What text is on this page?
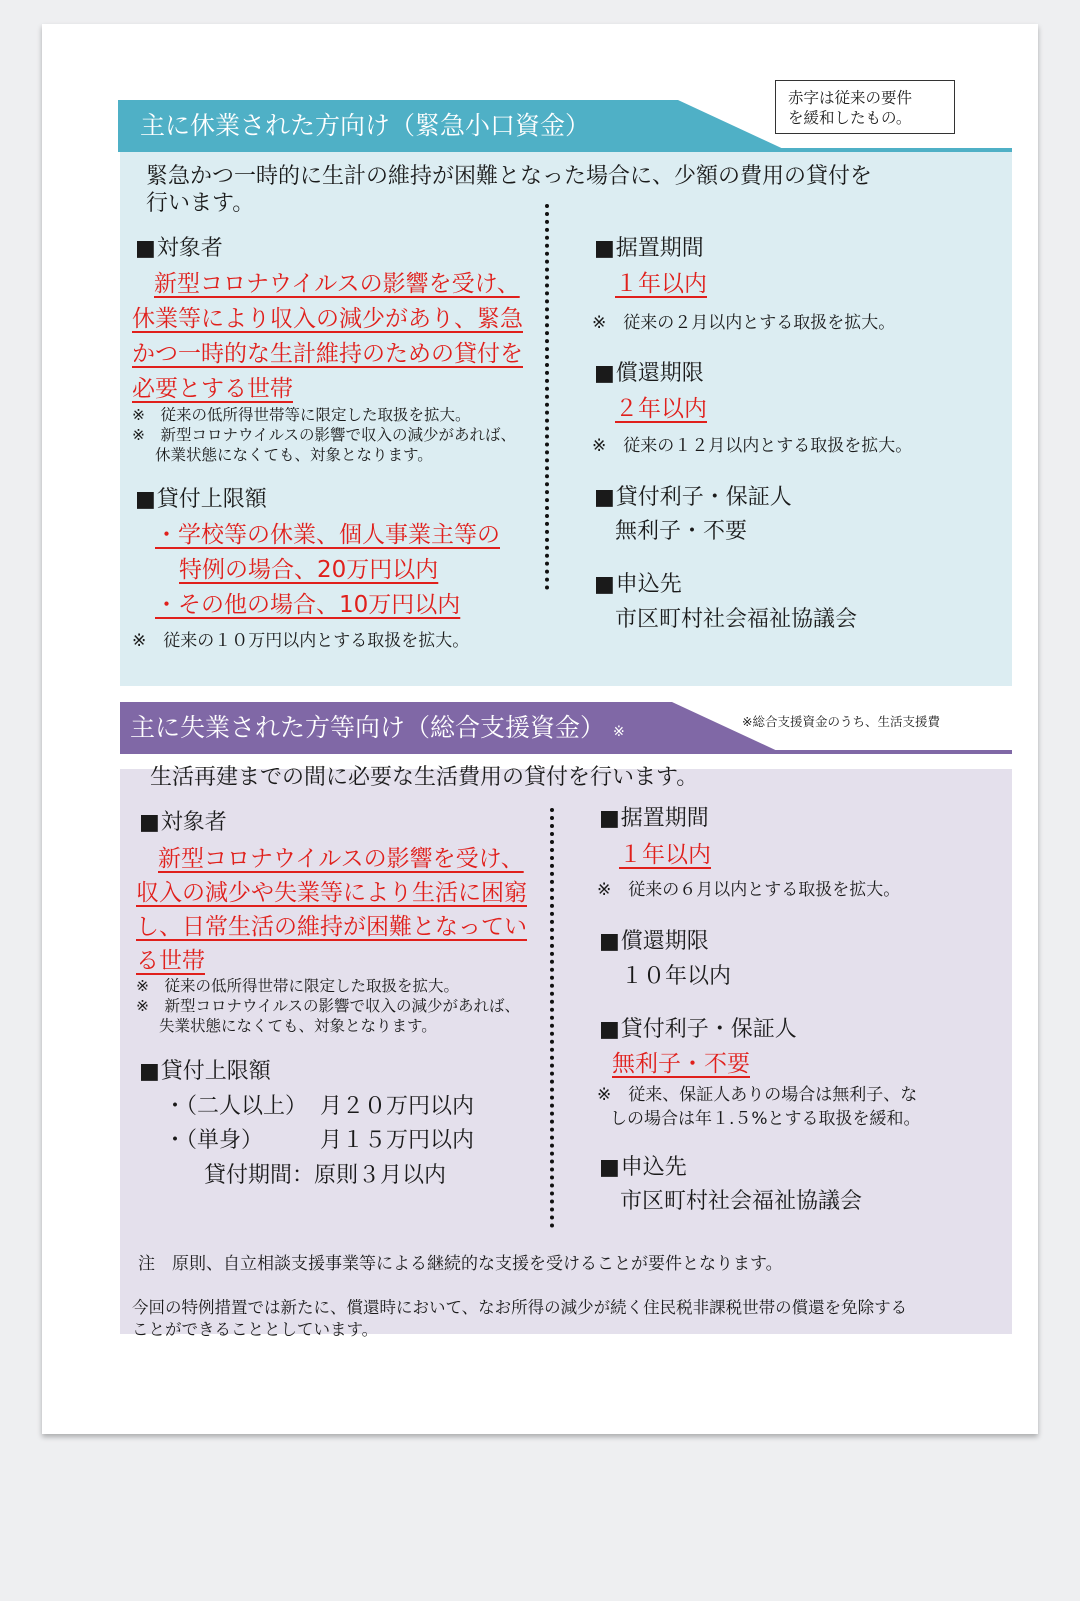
主に休業された方向け（緊急小口資金）
赤字は従来の要件
を緩和したもの。
緊急かつ一時的に生計の維持が困難となった場合に、少額の費用の貸付を
行います。
■対象者
新型コロナウイルスの影響を受け、
休業等により収入の減少があり、緊急
かつ一時的な生計維持のための貸付を
必要とする世帯
※　従来の低所得世帯等に限定した取扱を拡大。
※　新型コロナウイルスの影響で収入の減少があれば、
休業状態になくても、対象となります。
■貸付上限額
・学校等の休業、個人事業主等の
特例の場合、20万円以内
・その他の場合、10万円以内
※　従来の１０万円以内とする取扱を拡大。
■据置期間
１年以内
※　従来の２月以内とする取扱を拡大。
■償還期限
２年以内
※　従来の１２月以内とする取扱を拡大。
■貸付利子・保証人
無利子・不要
■申込先
市区町村社会福祉協議会
主に失業された方等向け（総合支援資金） ※
※総合支援資金のうち、生活支援費
生活再建までの間に必要な生活費用の貸付を行います。
■対象者
新型コロナウイルスの影響を受け、
収入の減少や失業等により生活に困窮
し、日常生活の維持が困難となってい
る世帯
※　従来の低所得世帯に限定した取扱を拡大。
※　新型コロナウイルスの影響で収入の減少があれば、
失業状態になくても、対象となります。
■貸付上限額
・（二人以上） 月２０万円以内
・（単身）	月１５万円以内
貸付期間：原則３月以内
■据置期間
１年以内
※　従来の６月以内とする取扱を拡大。
■償還期限
１０年以内
■貸付利子・保証人
無利子・不要
※　従来、保証人ありの場合は無利子、な
しの場合は年１.５%とする取扱を緩和。
■申込先
市区町村社会福祉協議会
注　原則、自立相談支援事業等による継続的な支援を受けることが要件となります。
今回の特例措置では新たに、償還時において、なお所得の減少が続く住民税非課税世帯の償還を免除する
ことができることとしています。
